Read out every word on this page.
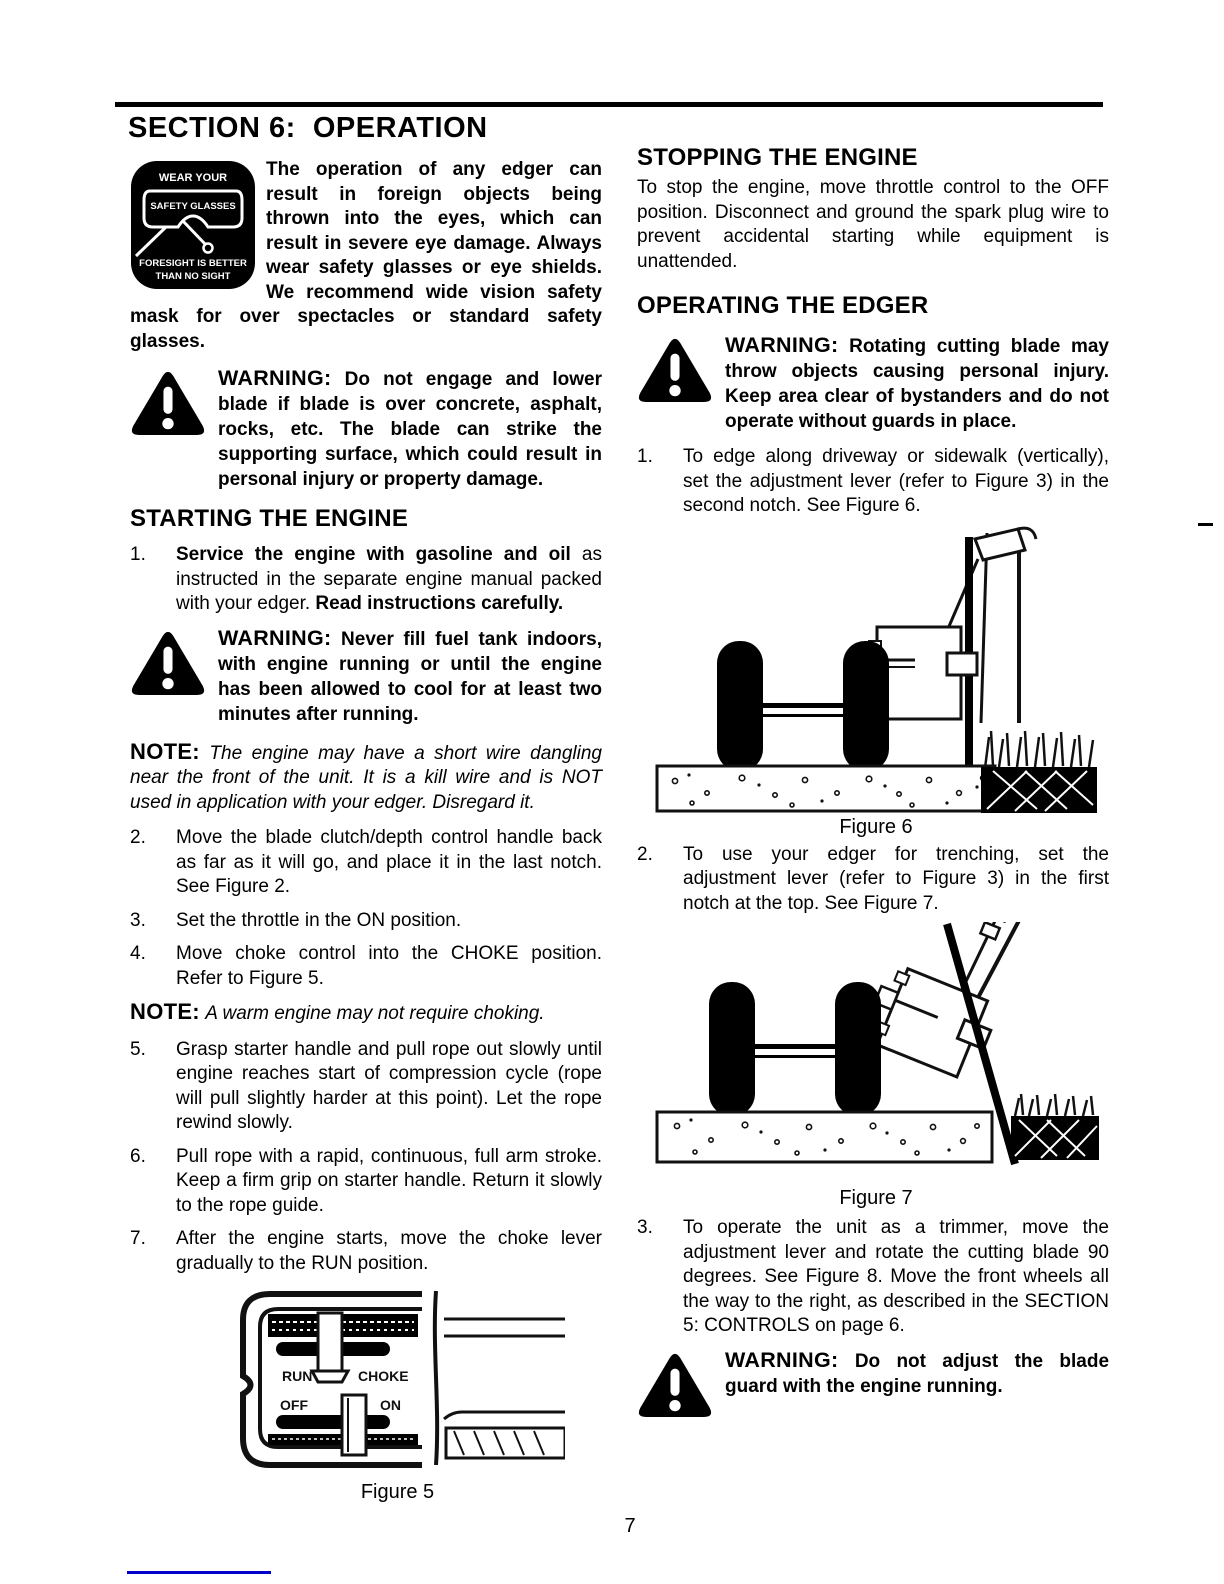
SECTION 6:  OPERATION
WEAR YOUR
SAFETY GLASSES
FORESIGHT IS BETTER
THAN NO SIGHT

The operation of any edger can result in foreign objects being thrown into the eyes, which can result in severe eye damage. Always wear safety glasses or eye shields. We recommend wide vision safety mask for over spectacles or standard safety glasses.

WARNING: Do not engage and lower blade if blade is over concrete, asphalt, rocks, etc. The blade can strike the supporting surface, which could result in personal injury or property damage.

STARTING THE ENGINE
1.	Service the engine with gasoline and oil as instructed in the separate engine manual packed with your edger. Read instructions carefully.

WARNING: Never fill fuel tank indoors, with engine running or until the engine has been allowed to cool for at least two minutes after running.

NOTE: The engine may have a short wire dangling near the front of the unit. It is a kill wire and is NOT used in application with your edger. Disregard it.

2.	Move the blade clutch/depth control handle back as far as it will go, and place it in the last notch. See Figure 2.

3.	Set the throttle in the ON position.

4.	Move choke control into the CHOKE position. Refer to Figure 5.

NOTE: A warm engine may not require choking.

5.	Grasp starter handle and pull rope out slowly until engine reaches start of compression cycle (rope will pull slightly harder at this point). Let the rope rewind slowly.

6.	Pull rope with a rapid, continuous, full arm stroke. Keep a firm grip on starter handle. Return it slowly to the rope guide.

7.	After the engine starts, move the choke lever gradually to the RUN position.

RUN	CHOKE
OFF	ON
Figure 5
STOPPING THE ENGINE

To stop the engine, move throttle control to the OFF position. Disconnect and ground the spark plug wire to prevent accidental starting while equipment is unattended.

OPERATING THE EDGER

WARNING: Rotating cutting blade may throw objects causing personal injury. Keep area clear of bystanders and do not operate without guards in place.

1.	To edge along driveway or sidewalk (vertically), set the adjustment lever (refer to Figure 3) in the second notch. See Figure 6.

Figure 6
2.	To use your edger for trenching, set the adjustment lever (refer to Figure 3) in the first notch at the top. See Figure 7.

Figure 7
3.	To operate the unit as a trimmer, move the adjustment lever and rotate the cutting blade 90 degrees. See Figure 8. Move the front wheels all the way to the right, as described in the SECTION 5: CONTROLS on page 6.

WARNING: Do not adjust the blade guard with the engine running.

7
